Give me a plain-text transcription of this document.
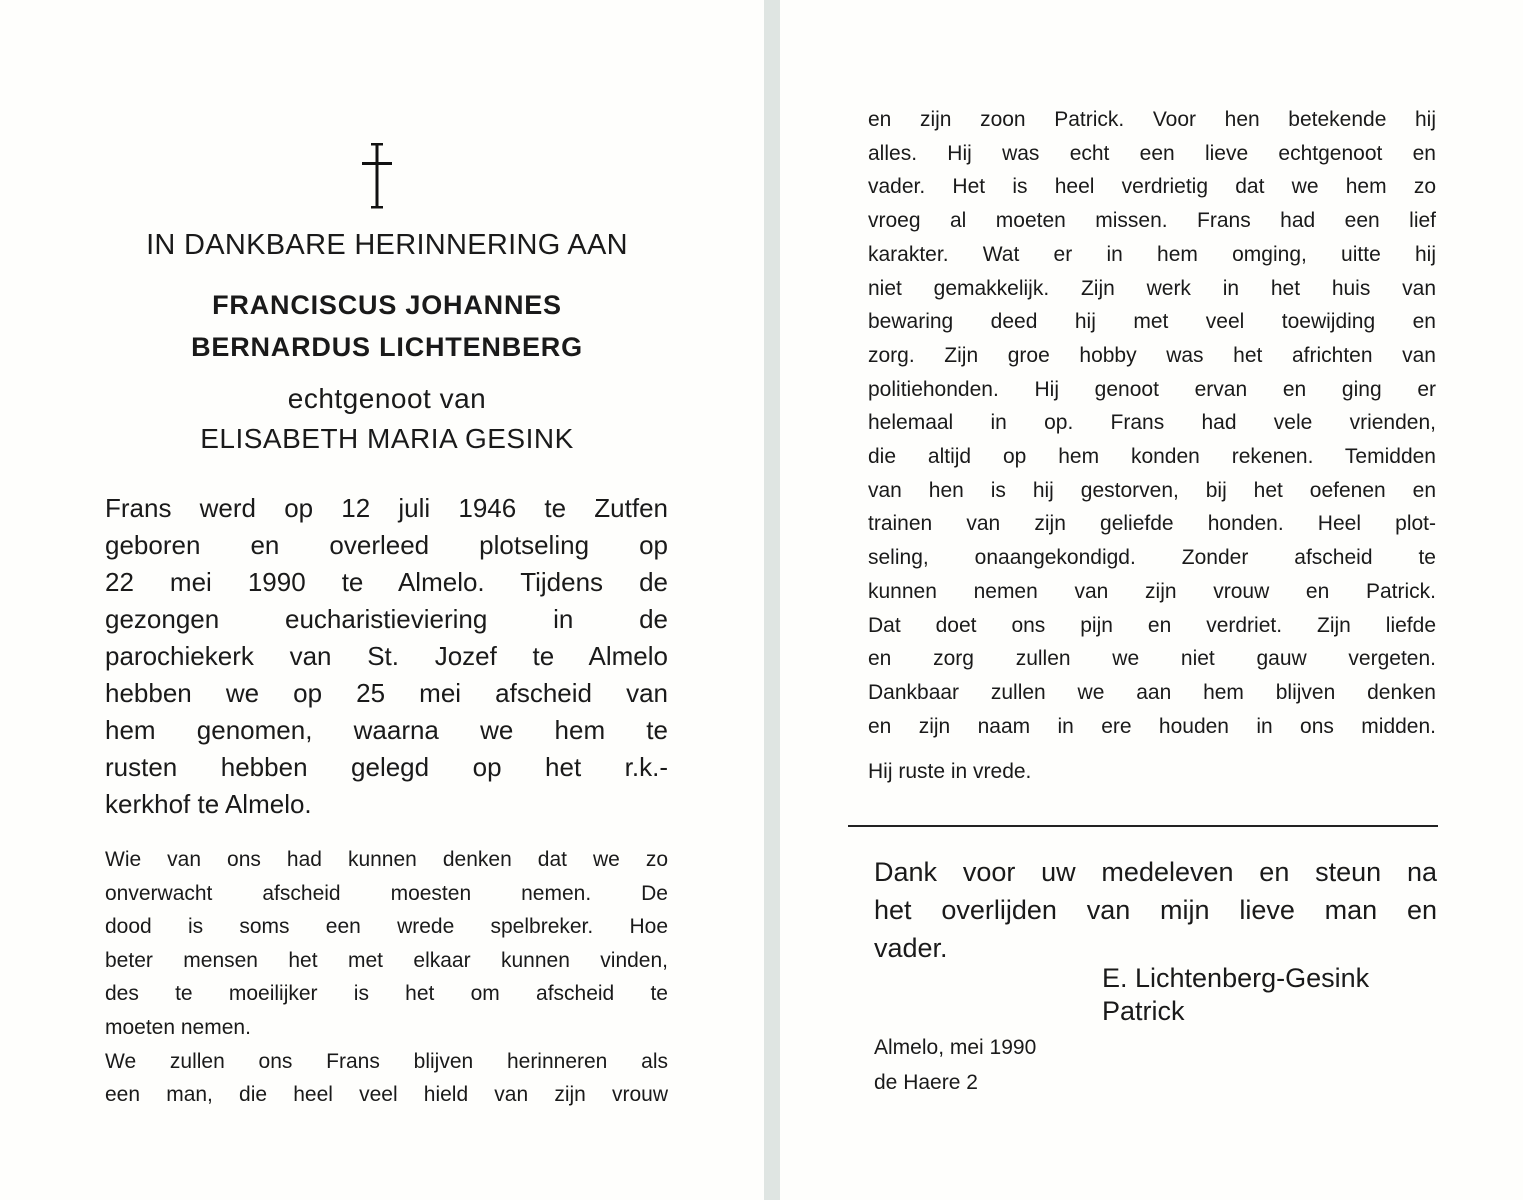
IN DANKBARE HERINNERING AAN
FRANCISCUS JOHANNES
BERNARDUS LICHTENBERG
echtgenoot van
ELISABETH MARIA GESINK
Frans werd op 12 juli 1946 te Zutfen
geboren en overleed plotseling op
22 mei 1990 te Almelo. Tijdens de
gezongen eucharistieviering in de
parochiekerk van St. Jozef te Almelo
hebben we op 25 mei afscheid van
hem genomen, waarna we hem te
rusten hebben gelegd op het r.k.-
kerkhof te Almelo.
Wie van ons had kunnen denken dat we zo
onverwacht afscheid moesten nemen. De
dood is soms een wrede spelbreker. Hoe
beter mensen het met elkaar kunnen vinden,
des te moeilijker is het om afscheid te
moeten nemen.
We zullen ons Frans blijven herinneren als
een man, die heel veel hield van zijn vrouw
en zijn zoon Patrick. Voor hen betekende hij
alles. Hij was echt een lieve echtgenoot en
vader. Het is heel verdrietig dat we hem zo
vroeg al moeten missen. Frans had een lief
karakter. Wat er in hem omging, uitte hij
niet gemakkelijk. Zijn werk in het huis van
bewaring deed hij met veel toewijding en
zorg. Zijn groe hobby was het africhten van
politiehonden. Hij genoot ervan en ging er
helemaal in op. Frans had vele vrienden,
die altijd op hem konden rekenen. Temidden
van hen is hij gestorven, bij het oefenen en
trainen van zijn geliefde honden. Heel plot-
seling, onaangekondigd. Zonder afscheid te
kunnen nemen van zijn vrouw en Patrick.
Dat doet ons pijn en verdriet. Zijn liefde
en zorg zullen we niet gauw vergeten.
Dankbaar zullen we aan hem blijven denken
en zijn naam in ere houden in ons midden.
Hij ruste in vrede.
Dank voor uw medeleven en steun na
het overlijden van mijn lieve man en
vader.
E. Lichtenberg-Gesink
Patrick
Almelo, mei 1990
de Haere 2
